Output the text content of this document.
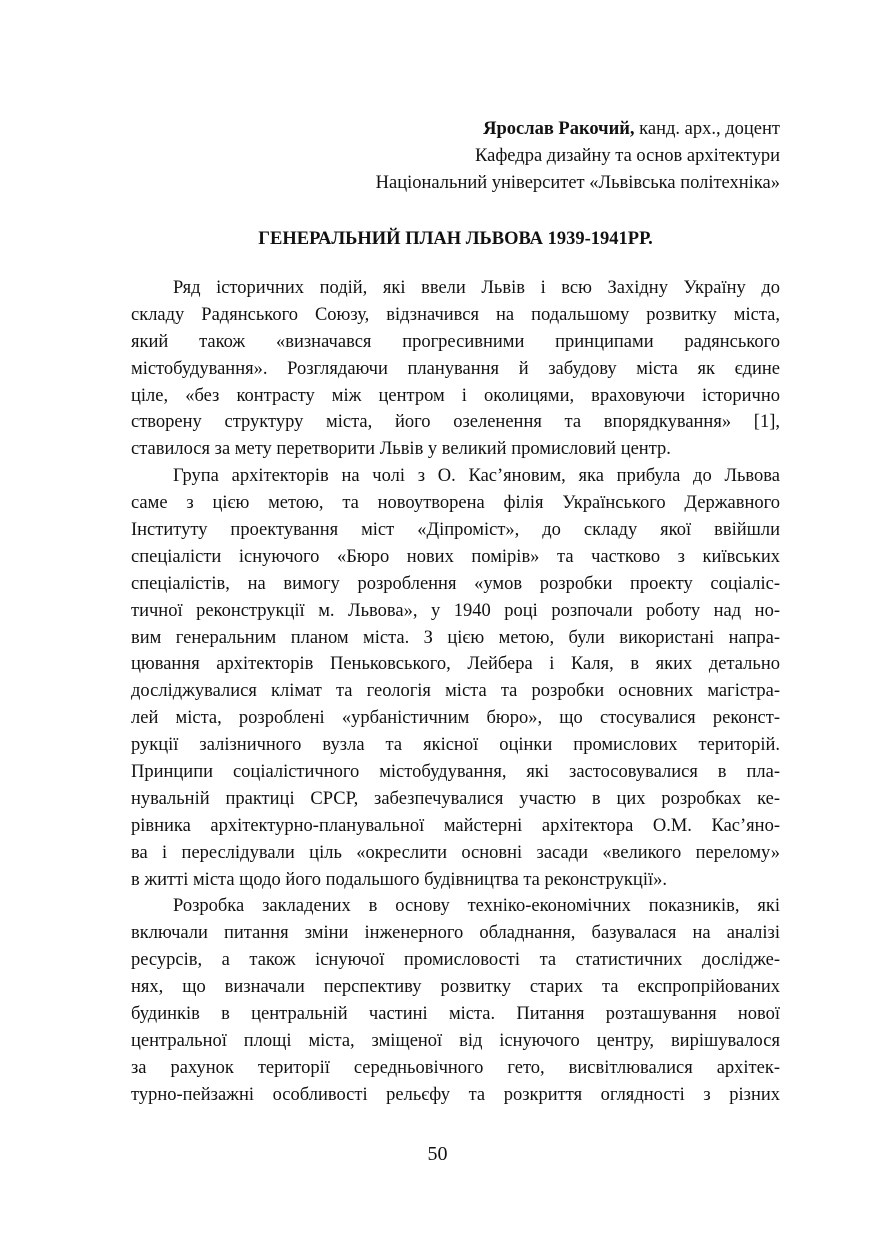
Ярослав Ракочий, канд. арх., доцент
Кафедра дизайну та основ архітектури
Національний університет «Львівська політехніка»
ГЕНЕРАЛЬНИЙ ПЛАН ЛЬВОВА 1939-1941РР.
Ряд історичних подій, які ввели Львів і всю Західну Україну до
складу Радянського Союзу, відзначився на подальшому розвитку міста,
який також «визначався прогресивними принципами радянського
містобудування». Розглядаючи планування й забудову міста як єдине
ціле, «без контрасту між центром і околицями, враховуючи історично
створену структуру міста, його озеленення та впорядкування» [1],
ставилося за мету перетворити Львів у великий промисловий центр.
Група архітекторів на чолі з О. Кас’яновим, яка прибула до Львова
саме з цією метою, та новоутворена філія Українського Державного
Інституту проектування міст «Діпроміст», до складу якої ввійшли
спеціалісти існуючого «Бюро нових помірів» та частково з київських
спеціалістів, на вимогу розроблення «умов розробки проекту соціаліс-
тичної реконструкції м. Львова», у 1940 році розпочали роботу над но-
вим генеральним планом міста. З цією метою, були використані напра-
цювання архітекторів Пеньковського, Лейбера і Каля, в яких детально
досліджувалися клімат та геологія міста та розробки основних магістра-
лей міста, розроблені «урбаністичним бюро», що стосувалися реконст-
рукції залізничного вузла та якісної оцінки промислових територій.
Принципи соціалістичного містобудування, які застосовувалися в пла-
нувальній практиці СРСР, забезпечувалися участю в цих розробках ке-
рівника архітектурно-планувальної майстерні архітектора О.М. Кас’яно-
ва і переслідували ціль «окреслити основні засади «великого перелому»
в житті міста щодо його подальшого будівництва та реконструкції».
Розробка закладених в основу техніко-економічних показників, які
включали питання зміни інженерного обладнання, базувалася на аналізі
ресурсів, а також існуючої промисловості та статистичних дослідже-
нях, що визначали перспективу розвитку старих та експропрійованих
будинків в центральній частині міста. Питання розташування нової
центральної площі міста, зміщеної від існуючого центру, вирішувалося
за рахунок території середньовічного гето, висвітлювалися архітек-
турно-пейзажні особливості рельєфу та розкриття оглядності з різних
50
